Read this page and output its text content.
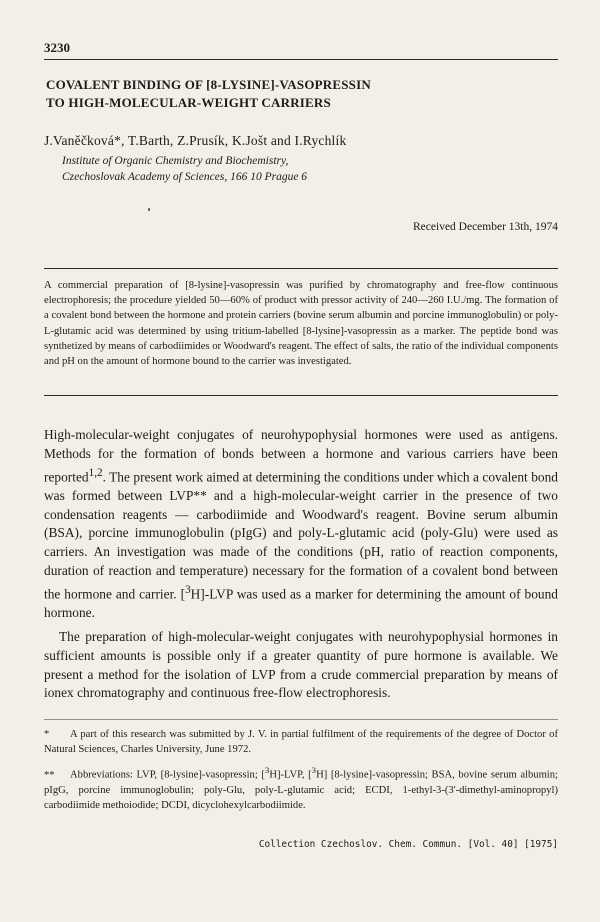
3230
COVALENT BINDING OF [8-LYSINE]-VASOPRESSIN
TO HIGH-MOLECULAR-WEIGHT CARRIERS
J.Vaněčková*, T.Barth, Z.Prusík, K.Jošt and I.Rychlík
Institute of Organic Chemistry and Biochemistry,
Czechoslovak Academy of Sciences, 166 10 Prague 6
Received December 13th, 1974
A commercial preparation of [8-lysine]-vasopressin was purified by chromatography and free-flow continuous electrophoresis; the procedure yielded 50—60% of product with pressor activity of 240—260 I.U./mg. The formation of a covalent bond between the hormone and protein carriers (bovine serum albumin and porcine immunoglobulin) or poly-L-glutamic acid was determined by using tritium-labelled [8-lysine]-vasopressin as a marker. The peptide bond was synthetized by means of carbodiimides or Woodward's reagent. The effect of salts, the ratio of the individual components and pH on the amount of hormone bound to the carrier was investigated.

High-molecular-weight conjugates of neurohypophysial hormones were used as antigens. Methods for the formation of bonds between a hormone and various carriers have been reported$^{1,2}$. The present work aimed at determining the conditions under which a covalent bond was formed between LVP** and a high-molecular-weight carrier in the presence of two condensation reagents — carbodiimide and Woodward's reagent. Bovine serum albumin (BSA), porcine immunoglobulin (pIgG) and poly-L-glutamic acid (poly-Glu) were used as carriers. An investigation was made of the conditions (pH, ratio of reaction components, duration of reaction and temperature) necessary for the formation of a covalent bond between the hormone and carrier. [$^3$H]-LVP was used as a marker for determining the amount of bound hormone.

The preparation of high-molecular-weight conjugates with neurohypophysial hormones in sufficient amounts is possible only if a greater quantity of pure hormone is available. We present a method for the isolation of LVP from a crude commercial preparation by means of ionex chromatography and continuous free-flow electrophoresis.

* A part of this research was submitted by J. V. in partial fulfilment of the requirements of the degree of Doctor of Natural Sciences, Charles University, June 1972.

** Abbreviations: LVP, [8-lysine]-vasopressin; [$^3$H]-LVP, [$^3$H] [8-lysine]-vasopressin; BSA, bovine serum albumin; pIgG, porcine immunoglobulin; poly-Glu, poly-L-glutamic acid; ECDI, 1-ethyl-3-(3'-dimethyl-aminopropyl) carbodiimide methoiodide; DCDI, dicyclohexylcarbodiimide.

Collection Czechoslov. Chem. Commun. [Vol. 40] [1975]
